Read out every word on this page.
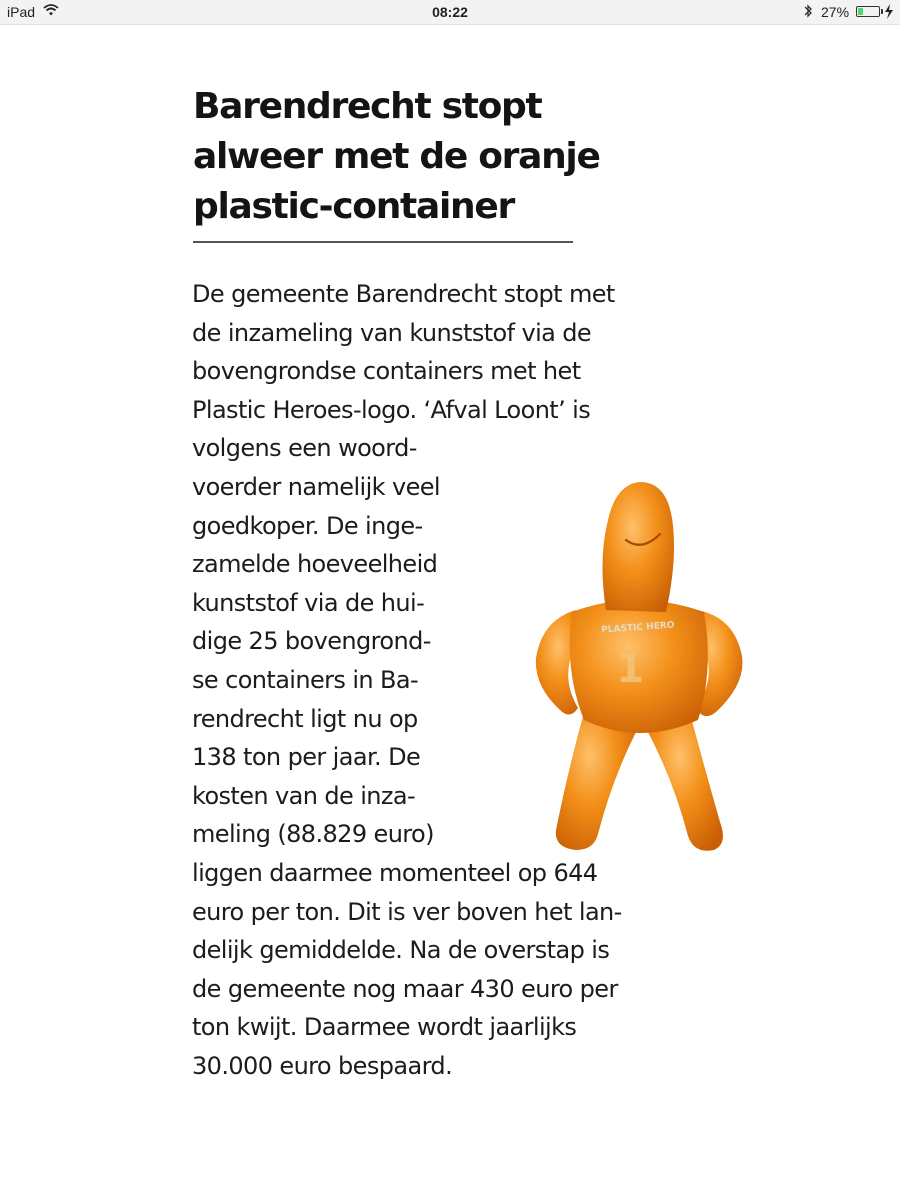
iPad	08:22	27%
Barendrecht stopt
alweer met de oranje
plastic-container

De gemeente Barendrecht stopt met

de inzameling van kunststof via de

bovengrondse containers met het

Plastic Heroes-logo. ‘Afval Loont’ is

volgens een woord-

voerder namelijk veel

goedkoper. De inge-

zamelde hoeveelheid

kunststof via de hui-

dige 25 bovengrond-

se containers in Ba-

rendrecht ligt nu op

138 ton per jaar. De

kosten van de inza-

meling (88.829 euro)

liggen daarmee momenteel op 644

euro per ton. Dit is ver boven het lan-

delijk gemiddelde. Na de overstap is

de gemeente nog maar 430 euro per

ton kwijt. Daarmee wordt jaarlijks

30.000 euro bespaard.

PLASTIC HERO
1
